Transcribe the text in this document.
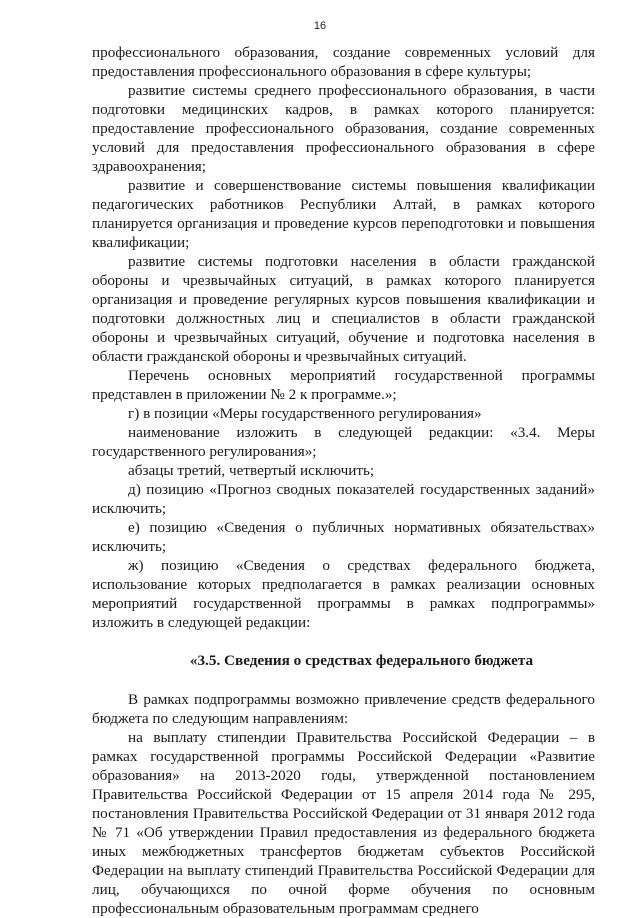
16

профессионального образования, создание современных условий для предоставления профессионального образования в сфере культуры;

развитие системы среднего профессионального образования, в части подготовки медицинских кадров, в рамках которого планируется: предоставление профессионального образования, создание современных условий для предоставления профессионального образования в сфере здравоохранения;

развитие и совершенствование системы повышения квалификации педагогических работников Республики Алтай, в рамках которого планируется организация и проведение курсов переподготовки и повышения квалификации;

развитие системы подготовки населения в области гражданской обороны и чрезвычайных ситуаций, в рамках которого планируется организация и проведение регулярных курсов повышения квалификации и подготовки должностных лиц и специалистов в области гражданской обороны и чрезвычайных ситуаций, обучение и подготовка населения в области гражданской обороны и чрезвычайных ситуаций.

Перечень основных мероприятий государственной программы представлен в приложении № 2 к программе.»;

г) в позиции «Меры государственного регулирования»

наименование изложить в следующей редакции: «3.4. Меры государственного регулирования»;

абзацы третий, четвертый исключить;

д) позицию «Прогноз сводных показателей государственных заданий» исключить;

е) позицию «Сведения о публичных нормативных обязательствах» исключить;

ж) позицию «Сведения о средствах федерального бюджета, использование которых предполагается в рамках реализации основных мероприятий государственной программы в рамках подпрограммы» изложить в следующей редакции:

«3.5. Сведения о средствах федерального бюджета

В рамках подпрограммы возможно привлечение средств федерального бюджета по следующим направлениям:

на выплату стипендии Правительства Российской Федерации – в рамках государственной программы Российской Федерации «Развитие образования» на 2013-2020 годы, утвержденной постановлением Правительства Российской Федерации от 15 апреля 2014 года № 295, постановления Правительства Российской Федерации от 31 января 2012 года № 71 «Об утверждении Правил предоставления из федерального бюджета иных межбюджетных трансфертов бюджетам субъектов Российской Федерации на выплату стипендий Правительства Российской Федерации для лиц, обучающихся по очной форме обучения по основным профессиональным образовательным программам среднего
